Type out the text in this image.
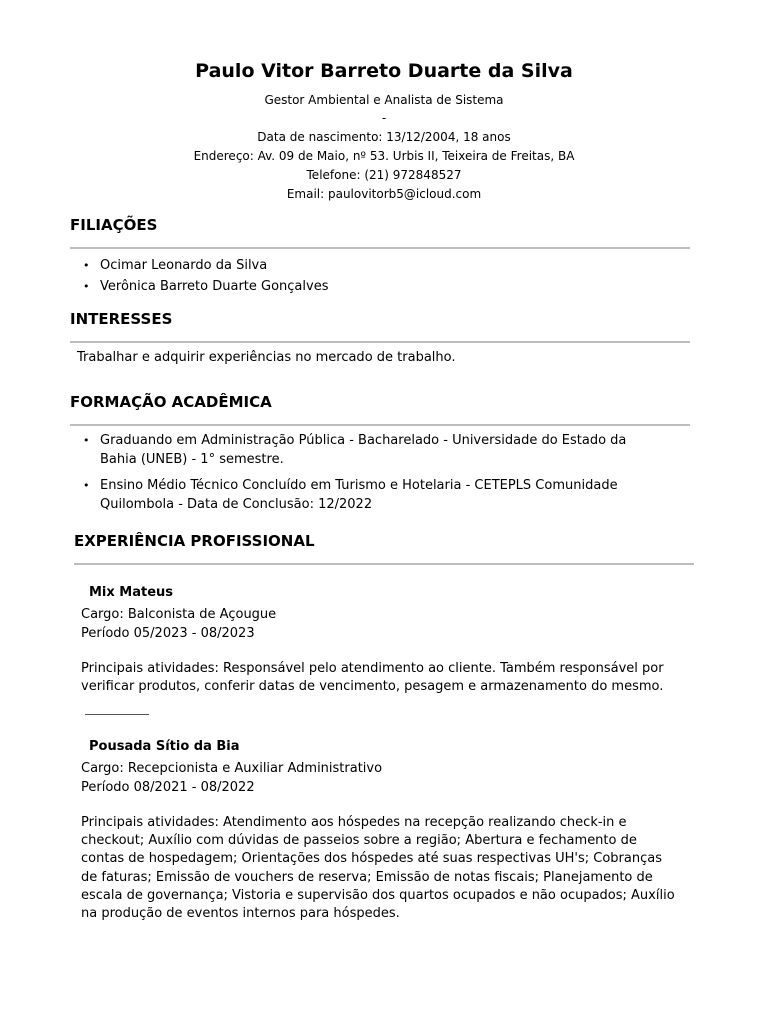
Paulo Vitor Barreto Duarte da Silva
Gestor Ambiental e Analista de Sistema
-
Data de nascimento: 13/12/2004, 18 anos
Endereço: Av. 09 de Maio, nº 53. Urbis II, Teixeira de Freitas, BA
Telefone: (21) 972848527
Email: paulovitorb5@icloud.com
FILIAÇÕES
• Ocimar Leonardo da Silva
• Verônica Barreto Duarte Gonçalves
INTERESSES
Trabalhar e adquirir experiências no mercado de trabalho.
FORMAÇÃO ACADÊMICA
• Graduando em Administração Pública - Bacharelado - Universidade do Estado da Bahia (UNEB) - 1° semestre.
• Ensino Médio Técnico Concluído em Turismo e Hotelaria - CETEPLS Comunidade Quilombola - Data de Conclusão: 12/2022
EXPERIÊNCIA PROFISSIONAL
Mix Mateus
Cargo: Balconista de Açougue
Período 05/2023 - 08/2023
Principais atividades: Responsável pelo atendimento ao cliente. Também responsável por verificar produtos, conferir datas de vencimento, pesagem e armazenamento do mesmo.
Pousada Sítio da Bia
Cargo: Recepcionista e Auxiliar Administrativo
Período 08/2021 - 08/2022
Principais atividades: Atendimento aos hóspedes na recepção realizando check-in e checkout; Auxílio com dúvidas de passeios sobre a região; Abertura e fechamento de contas de hospedagem; Orientações dos hóspedes até suas respectivas UH's; Cobranças de faturas; Emissão de vouchers de reserva; Emissão de notas fiscais; Planejamento de escala de governança; Vistoria e supervisão dos quartos ocupados e não ocupados; Auxílio na produção de eventos internos para hóspedes.
